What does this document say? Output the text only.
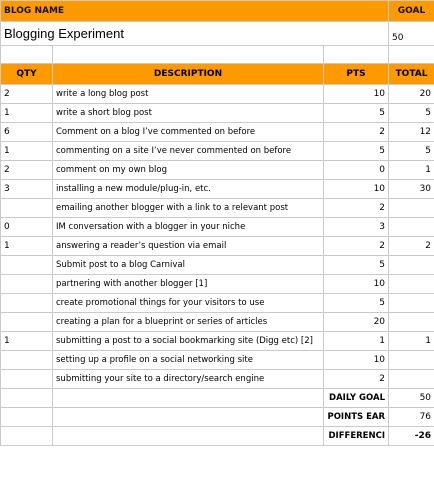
BLOG NAME			GOAL
Blogging Experiment			50

QTY	DESCRIPTION	PTS	TOTAL
2	write a long blog post	10	20
1	write a short blog post	5	5
6	Comment on a blog I’ve commented on before	2	12
1	commenting on a site I’ve never commented on before	5	5
2	comment on my own blog	0	1
3	installing a new module/plug-in, etc.	10	30
	emailing another blogger with a link to a relevant post	2	
0	IM conversation with a blogger in your niche	3	
1	answering a reader’s question via email	2	2
	Submit post to a blog Carnival	5	
	partnering with another blogger [1]	10	
	create promotional things for your visitors to use	5	
	creating a plan for a blueprint or series of articles	20	
1	submitting a post to a social bookmarking site (Digg etc) [2]	1	1
	setting up a profile on a social networking site	10	
	submitting your site to a directory/search engine	2	
		DAILY GOAL	50
		POINTS EAR	76
		DIFFERENCI	-26
